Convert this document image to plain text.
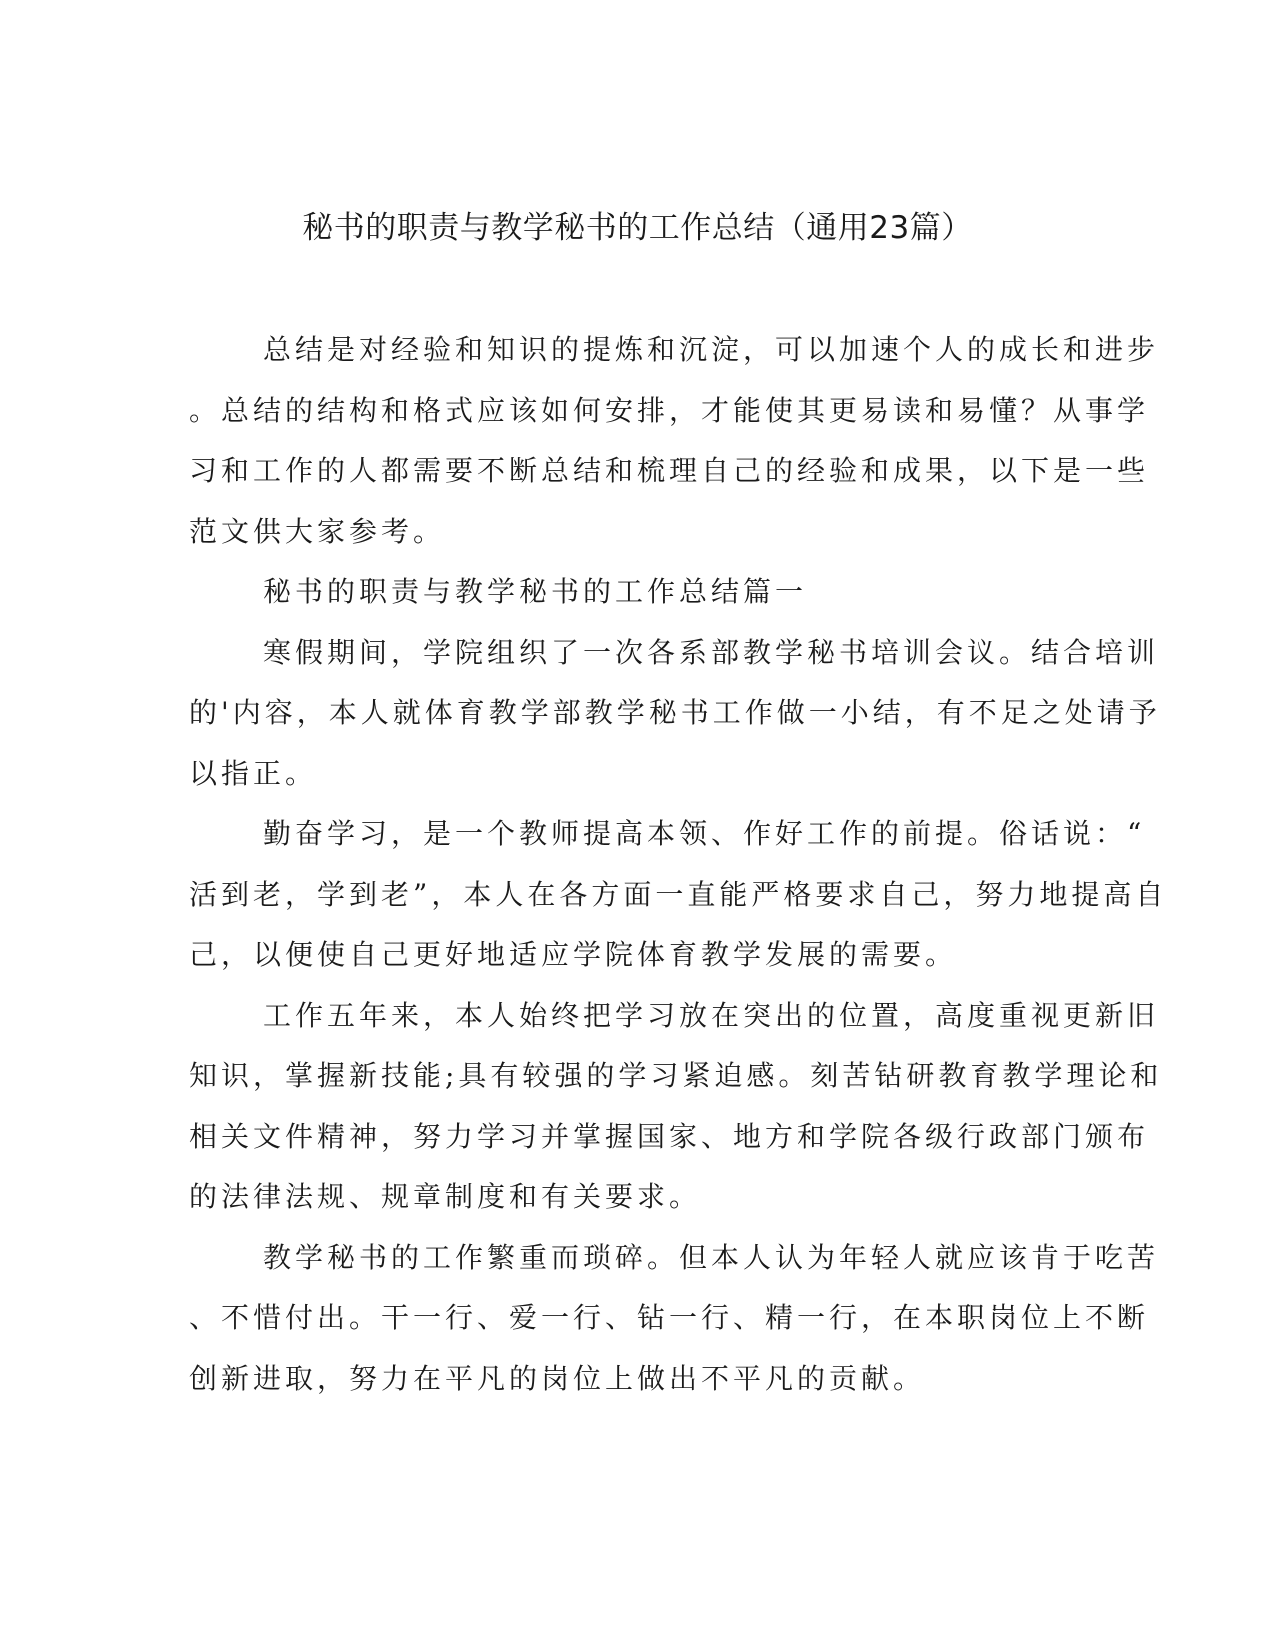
秘书的职责与教学秘书的工作总结（通用23篇）
总结是对经验和知识的提炼和沉淀，可以加速个人的成长和进步
。总结的结构和格式应该如何安排，才能使其更易读和易懂？从事学
习和工作的人都需要不断总结和梳理自己的经验和成果，以下是一些
范文供大家参考。
秘书的职责与教学秘书的工作总结篇一
寒假期间，学院组织了一次各系部教学秘书培训会议。结合培训
的'内容，本人就体育教学部教学秘书工作做一小结，有不足之处请予
以指正。
勤奋学习，是一个教师提高本领、作好工作的前提。俗话说：“
活到老，学到老”，本人在各方面一直能严格要求自己，努力地提高自
己，以便使自己更好地适应学院体育教学发展的需要。
工作五年来，本人始终把学习放在突出的位置，高度重视更新旧
知识，掌握新技能;具有较强的学习紧迫感。刻苦钻研教育教学理论和
相关文件精神，努力学习并掌握国家、地方和学院各级行政部门颁布
的法律法规、规章制度和有关要求。
教学秘书的工作繁重而琐碎。但本人认为年轻人就应该肯于吃苦
、不惜付出。干一行、爱一行、钻一行、精一行，在本职岗位上不断
创新进取，努力在平凡的岗位上做出不平凡的贡献。
